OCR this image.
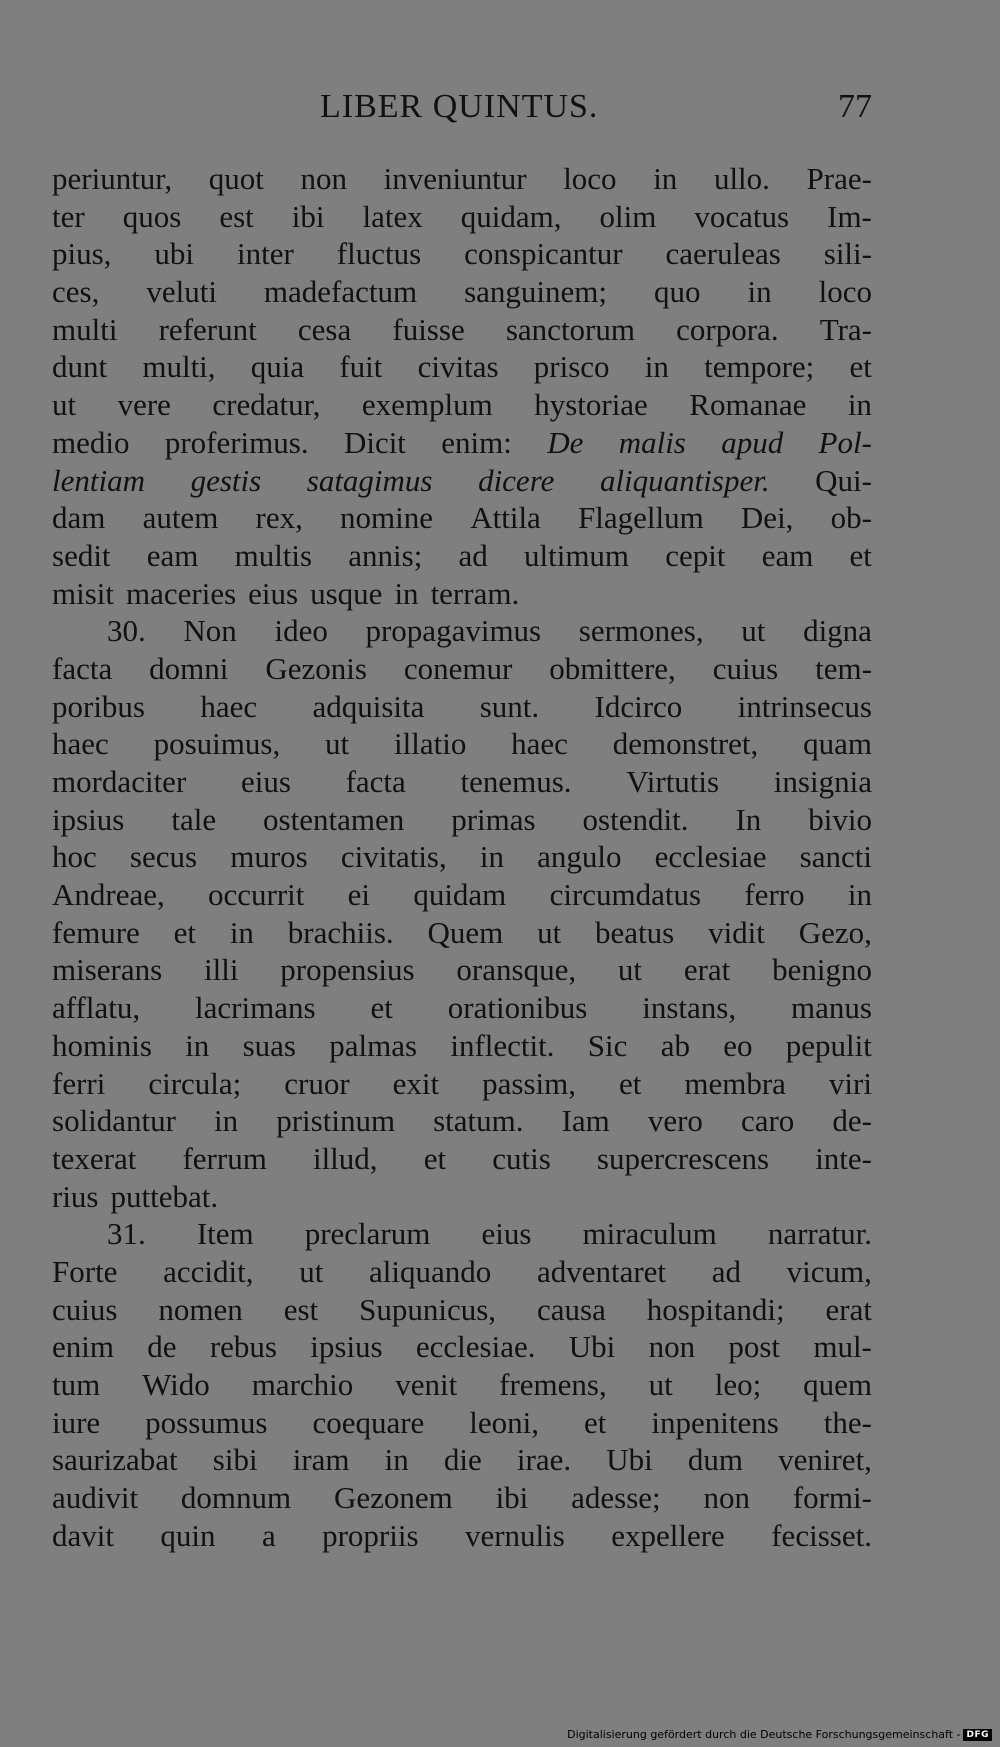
LIBER QUINTUS.	77
periuntur, quot non inveniuntur loco in ullo. Prae-
ter quos est ibi latex quidam, olim vocatus Im-
pius, ubi inter fluctus conspicantur caeruleas sili-
ces, veluti madefactum sanguinem; quo in loco
multi referunt cesa fuisse sanctorum corpora. Tra-
dunt multi, quia fuit civitas prisco in tempore; et
ut vere credatur, exemplum hystoriae Romanae in
medio proferimus. Dicit enim: De malis apud Pol-
lentiam gestis satagimus dicere aliquantisper. Qui-
dam autem rex, nomine Attila Flagellum Dei, ob-
sedit eam multis annis; ad ultimum cepit eam et
misit maceries eius usque in terram.
30. Non ideo propagavimus sermones, ut digna
facta domni Gezonis conemur obmittere, cuius tem-
poribus haec adquisita sunt. Idcirco intrinsecus
haec posuimus, ut illatio haec demonstret, quam
mordaciter eius facta tenemus. Virtutis insignia
ipsius tale ostentamen primas ostendit. In bivio
hoc secus muros civitatis, in angulo ecclesiae sancti
Andreae, occurrit ei quidam circumdatus ferro in
femure et in brachiis. Quem ut beatus vidit Gezo,
miserans illi propensius oransque, ut erat benigno
afflatu, lacrimans et orationibus instans, manus
hominis in suas palmas inflectit. Sic ab eo pepulit
ferri circula; cruor exit passim, et membra viri
solidantur in pristinum statum. Iam vero caro de-
texerat ferrum illud, et cutis supercrescens inte-
rius puttebat.
31. Item preclarum eius miraculum narratur.
Forte accidit, ut aliquando adventaret ad vicum,
cuius nomen est Supunicus, causa hospitandi; erat
enim de rebus ipsius ecclesiae. Ubi non post mul-
tum Wido marchio venit fremens, ut leo; quem
iure possumus coequare leoni, et inpenitens the-
saurizabat sibi iram in die irae. Ubi dum veniret,
audivit domnum Gezonem ibi adesse; non formi-
davit quin a propriis vernulis expellere fecisset.
Digitalisierung gefördert durch die Deutsche Forschungsgemeinschaft - DFG
